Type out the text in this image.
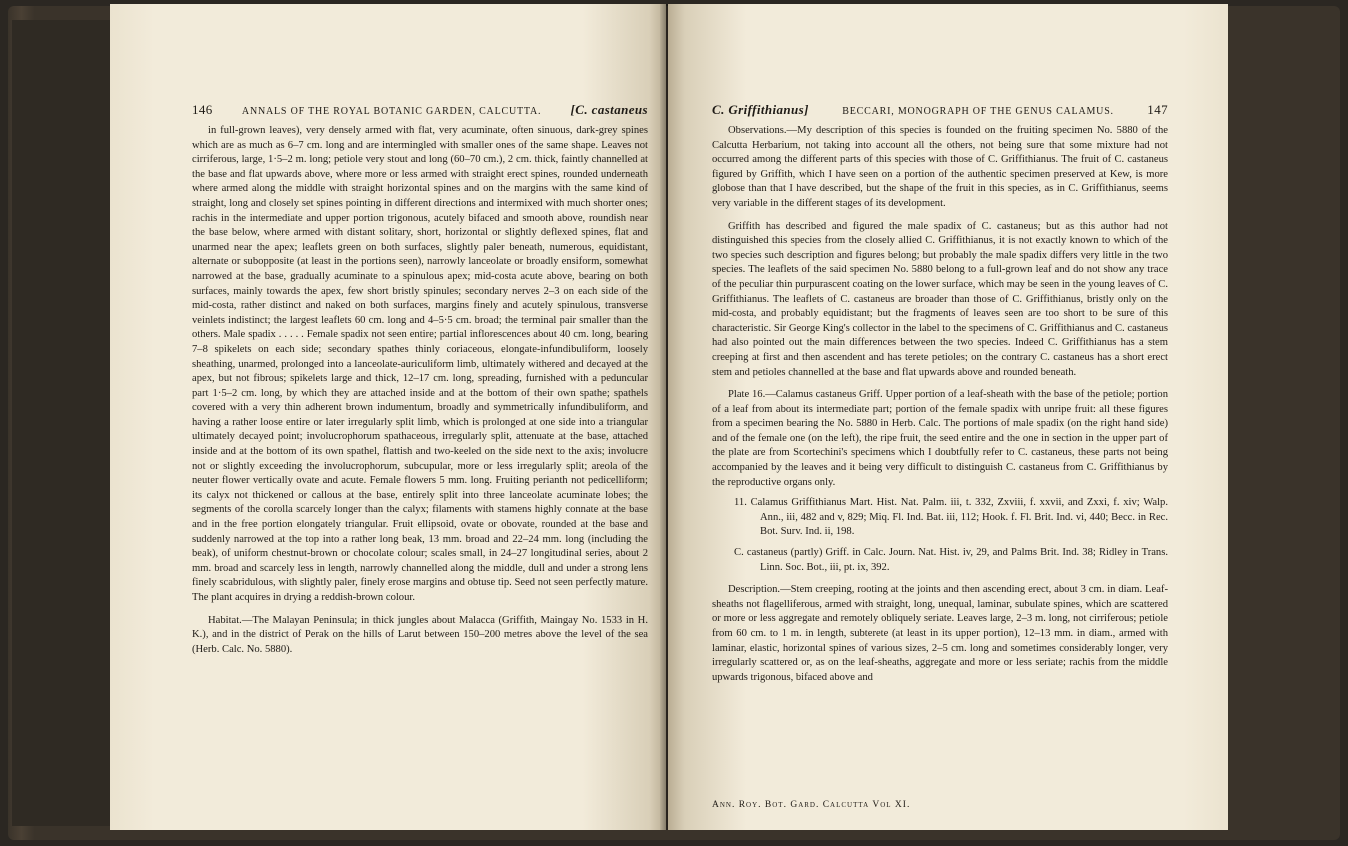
146	ANNALS OF THE ROYAL BOTANIC GARDEN, CALCUTTA. [C. castaneus

in full-grown leaves), very densely armed with flat, very acuminate, often sinuous, dark-grey spines which are as much as 6–7 cm. long and are intermingled with smaller ones of the same shape. Leaves not cirriferous, large, 1·5–2 m. long; petiole very stout and long (60–70 cm.), 2 cm. thick, faintly channelled at the base and flat upwards above, where more or less armed with straight erect spines, rounded underneath where armed along the middle with straight horizontal spines and on the margins with the same kind of straight, long and closely set spines pointing in different directions and intermixed with much shorter ones; rachis in the intermediate and upper portion trigonous, acutely bifaced and smooth above, roundish near the base below, where armed with distant solitary, short, horizontal or slightly deflexed spines, flat and unarmed near the apex; leaflets green on both surfaces, slightly paler beneath, numerous, equidistant, alternate or subopposite (at least in the portions seen), narrowly lanceolate or broadly ensiform, somewhat narrowed at the base, gradually acuminate to a spinulous apex; mid-costa acute above, bearing on both surfaces, mainly towards the apex, few short bristly spinules; secondary nerves 2–3 on each side of the mid-costa, rather distinct and naked on both surfaces, margins finely and acutely spinulous, transverse veinlets indistinct; the largest leaflets 60 cm. long and 4–5·5 cm. broad; the terminal pair smaller than the others. Male spadix . . . . . Female spadix not seen entire; partial inflorescences about 40 cm. long, bearing 7–8 spikelets on each side; secondary spathes thinly coriaceous, elongate-infundibuliform, loosely sheathing, unarmed, prolonged into a lanceolate-auriculiform limb, ultimately withered and decayed at the apex, but not fibrous; spikelets large and thick, 12–17 cm. long, spreading, furnished with a peduncular part 1·5–2 cm. long, by which they are attached inside and at the bottom of their own spathe; spathels covered with a very thin adherent brown indumentum, broadly and symmetrically infundibuliform, and having a rather loose entire or later irregularly split limb, which is prolonged at one side into a triangular ultimately decayed point; involucrophorum spathaceous, irregularly split, attenuate at the base, attached inside and at the bottom of its own spathel, flattish and two-keeled on the side next to the axis; involucre not or slightly exceeding the involucrophorum, subcupular, more or less irregularly split; areola of the neuter flower vertically ovate and acute. Female flowers 5 mm. long. Fruiting perianth not pedicelliform; its calyx not thickened or callous at the base, entirely split into three lanceolate acuminate lobes; the segments of the corolla scarcely longer than the calyx; filaments with stamens highly connate at the base and in the free portion elongately triangular. Fruit ellipsoid, ovate or obovate, rounded at the base and suddenly narrowed at the top into a rather long beak, 13 mm. broad and 22–24 mm. long (including the beak), of uniform chestnut-brown or chocolate colour; scales small, in 24–27 longitudinal series, about 2 mm. broad and scarcely less in length, narrowly channelled along the middle, dull and under a strong lens finely scabridulous, with slightly paler, finely erose margins and obtuse tip. Seed not seen perfectly mature. The plant acquires in drying a reddish-brown colour.

Habitat.—The Malayan Peninsula; in thick jungles about Malacca (Griffith, Maingay No. 1533 in H. K.), and in the district of Perak on the hills of Larut between 150–200 metres above the level of the sea (Herb. Calc. No. 5880).

C. Griffithianus]	BECCARI, MONOGRAPH OF THE GENUS CALAMUS.	147

Observations.—My description of this species is founded on the fruiting specimen No. 5880 of the Calcutta Herbarium, not taking into account all the others, not being sure that some mixture had not occurred among the different parts of this species with those of C. Griffithianus. The fruit of C. castaneus figured by Griffith, which I have seen on a portion of the authentic specimen preserved at Kew, is more globose than that I have described, but the shape of the fruit in this species, as in C. Griffithianus, seems very variable in the different stages of its development.

Griffith has described and figured the male spadix of C. castaneus; but as this author had not distinguished this species from the closely allied C. Griffithianus, it is not exactly known to which of the two species such description and figures belong; but probably the male spadix differs very little in the two species. The leaflets of the said specimen No. 5880 belong to a full-grown leaf and do not show any trace of the peculiar thin purpurascent coating on the lower surface, which may be seen in the young leaves of C. Griffithianus. The leaflets of C. castaneus are broader than those of C. Griffithianus, bristly only on the mid-costa, and probably equidistant; but the fragments of leaves seen are too short to be sure of this characteristic. Sir George King's collector in the label to the specimens of C. Griffithianus and C. castaneus had also pointed out the main differences between the two species. Indeed C. Griffithianus has a stem creeping at first and then ascendent and has terete petioles; on the contrary C. castaneus has a short erect stem and petioles channelled at the base and flat upwards above and rounded beneath.

Plate 16.—Calamus castaneus Griff. Upper portion of a leaf-sheath with the base of the petiole; portion of a leaf from about its intermediate part; portion of the female spadix with unripe fruit: all these figures from a specimen bearing the No. 5880 in Herb. Calc. The portions of male spadix (on the right hand side) and of the female one (on the left), the ripe fruit, the seed entire and the one in section in the upper part of the plate are from Scortechini's specimens which I doubtfully refer to C. castaneus, these parts not being accompanied by the leaves and it being very difficult to distinguish C. castaneus from C. Griffithianus by the reproductive organs only.

11. Calamus Griffithianus Mart. Hist. Nat. Palm. iii, t. 332, Zxviii, f. xxvii, and Zxxi, f. xiv; Walp. Ann., iii, 482 and v, 829; Miq. Fl. Ind. Bat. iii, 112; Hook. f. Fl. Brit. Ind. vi, 440; Becc. in Rec. Bot. Surv. Ind. ii, 198.

C. castaneus (partly) Griff. in Calc. Journ. Nat. Hist. iv, 29, and Palms Brit. Ind. 38; Ridley in Trans. Linn. Soc. Bot., iii, pt. ix, 392.

Description.—Stem creeping, rooting at the joints and then ascending erect, about 3 cm. in diam. Leaf-sheaths not flagelliferous, armed with straight, long, unequal, laminar, subulate spines, which are scattered or more or less aggregate and remotely obliquely seriate. Leaves large, 2–3 m. long, not cirriferous; petiole from 60 cm. to 1 m. in length, subterete (at least in its upper portion), 12–13 mm. in diam., armed with laminar, elastic, horizontal spines of various sizes, 2–5 cm. long and sometimes considerably longer, very irregularly scattered or, as on the leaf-sheaths, aggregate and more or less seriate; rachis from the middle upwards trigonous, bifaced above and

Ann. Roy. Bot. Gard. Calcutta Vol XI.
